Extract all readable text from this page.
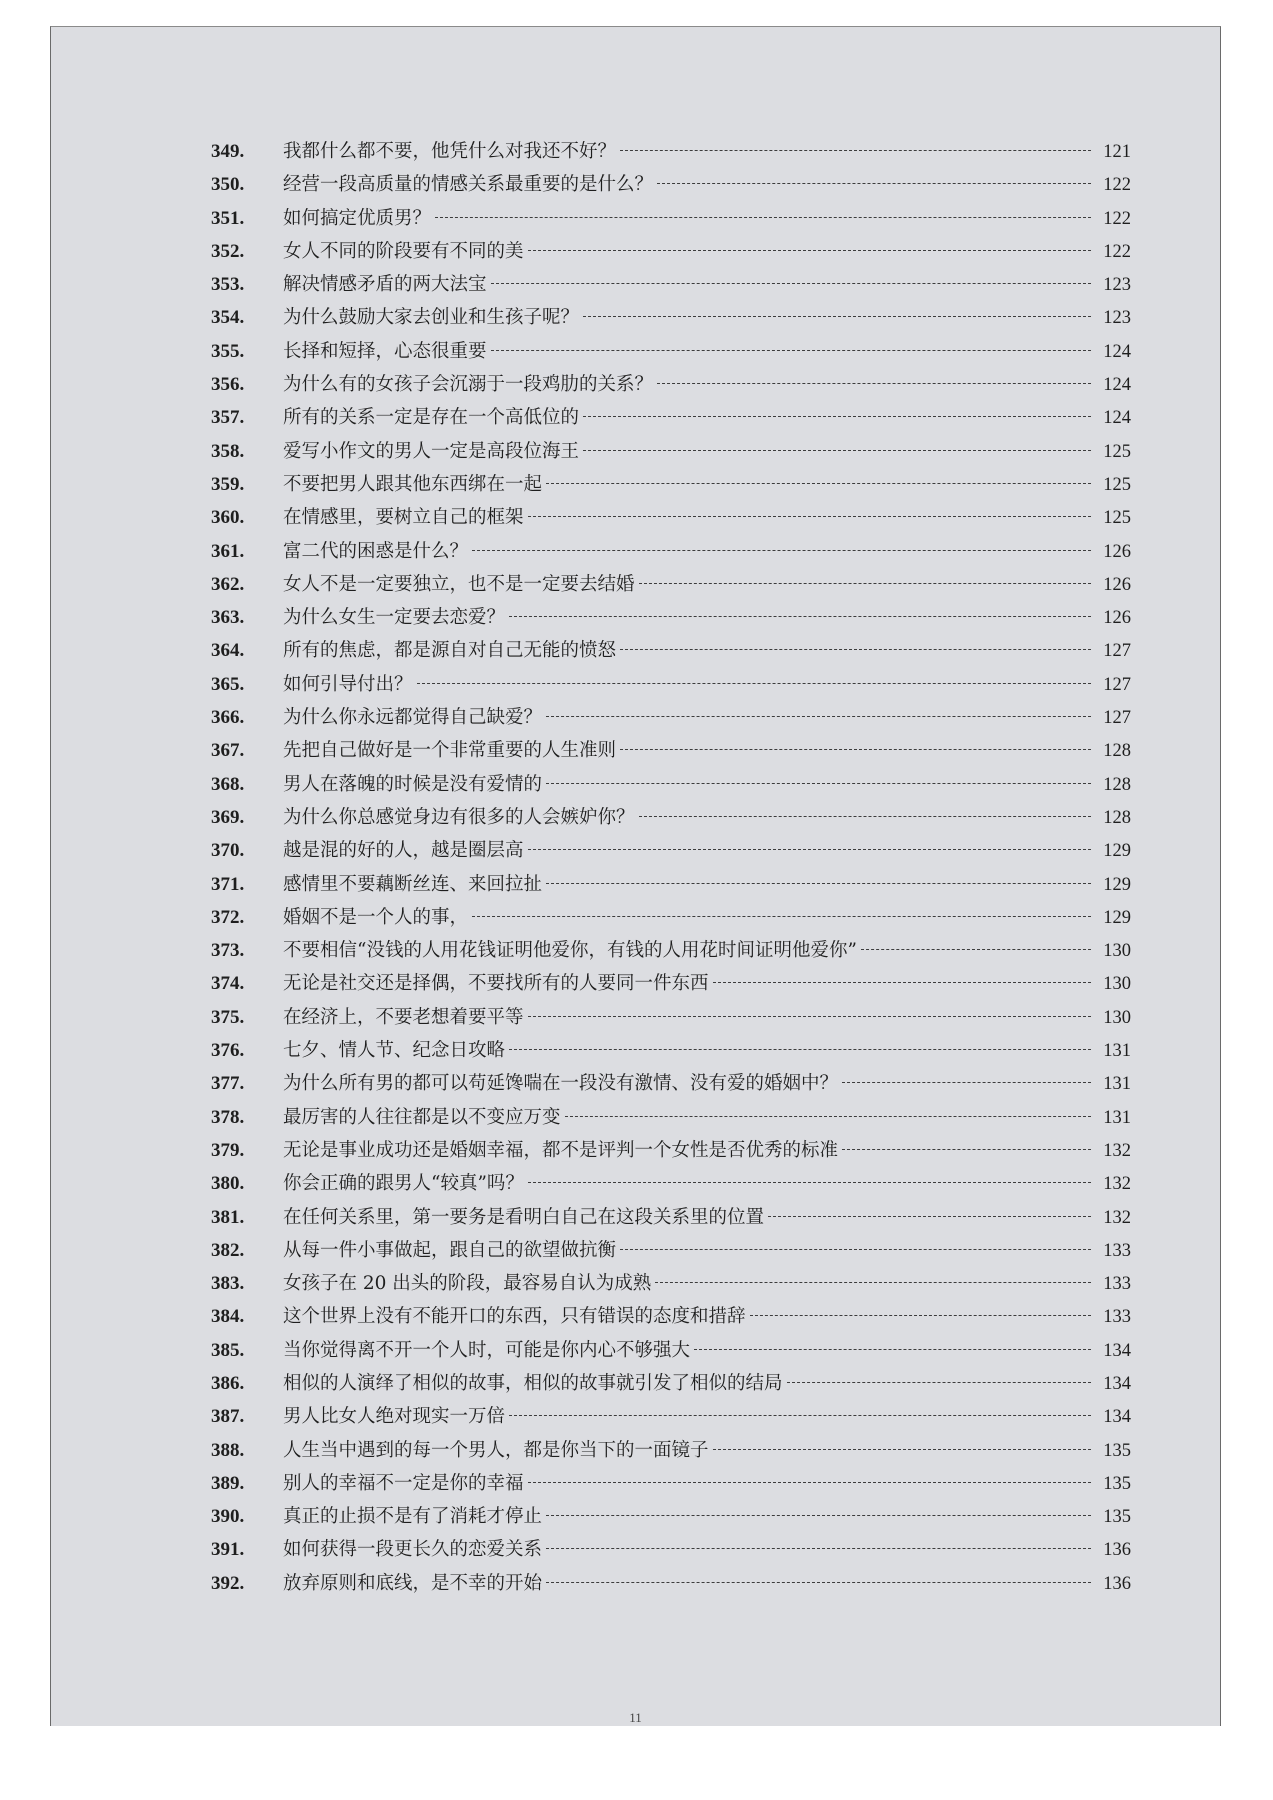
349.	我都什么都不要，他凭什么对我还不好？	121
350.	经营一段高质量的情感关系最重要的是什么？	122
351.	如何搞定优质男？	122
352.	女人不同的阶段要有不同的美	122
353.	解决情感矛盾的两大法宝	123
354.	为什么鼓励大家去创业和生孩子呢？	123
355.	长择和短择，心态很重要	124
356.	为什么有的女孩子会沉溺于一段鸡肋的关系？	124
357.	所有的关系一定是存在一个高低位的	124
358.	爱写小作文的男人一定是高段位海王	125
359.	不要把男人跟其他东西绑在一起	125
360.	在情感里，要树立自己的框架	125
361.	富二代的困惑是什么？	126
362.	女人不是一定要独立，也不是一定要去结婚	126
363.	为什么女生一定要去恋爱？	126
364.	所有的焦虑，都是源自对自己无能的愤怒	127
365.	如何引导付出？	127
366.	为什么你永远都觉得自己缺爱？	127
367.	先把自己做好是一个非常重要的人生准则	128
368.	男人在落魄的时候是没有爱情的	128
369.	为什么你总感觉身边有很多的人会嫉妒你？	128
370.	越是混的好的人，越是圈层高	129
371.	感情里不要藕断丝连、来回拉扯	129
372.	婚姻不是一个人的事，	129
373.	不要相信“没钱的人用花钱证明他爱你，有钱的人用花时间证明他爱你”	130
374.	无论是社交还是择偶，不要找所有的人要同一件东西	130
375.	在经济上，不要老想着要平等	130
376.	七夕、情人节、纪念日攻略	131
377.	为什么所有男的都可以苟延馋喘在一段没有激情、没有爱的婚姻中？	131
378.	最厉害的人往往都是以不变应万变	131
379.	无论是事业成功还是婚姻幸福，都不是评判一个女性是否优秀的标准	132
380.	你会正确的跟男人“较真”吗？	132
381.	在任何关系里，第一要务是看明白自己在这段关系里的位置	132
382.	从每一件小事做起，跟自己的欲望做抗衡	133
383.	女孩子在 20 出头的阶段，最容易自认为成熟	133
384.	这个世界上没有不能开口的东西，只有错误的态度和措辞	133
385.	当你觉得离不开一个人时，可能是你内心不够强大	134
386.	相似的人演绎了相似的故事，相似的故事就引发了相似的结局	134
387.	男人比女人绝对现实一万倍	134
388.	人生当中遇到的每一个男人，都是你当下的一面镜子	135
389.	别人的幸福不一定是你的幸福	135
390.	真正的止损不是有了消耗才停止	135
391.	如何获得一段更长久的恋爱关系	136
392.	放弃原则和底线，是不幸的开始	136
11
